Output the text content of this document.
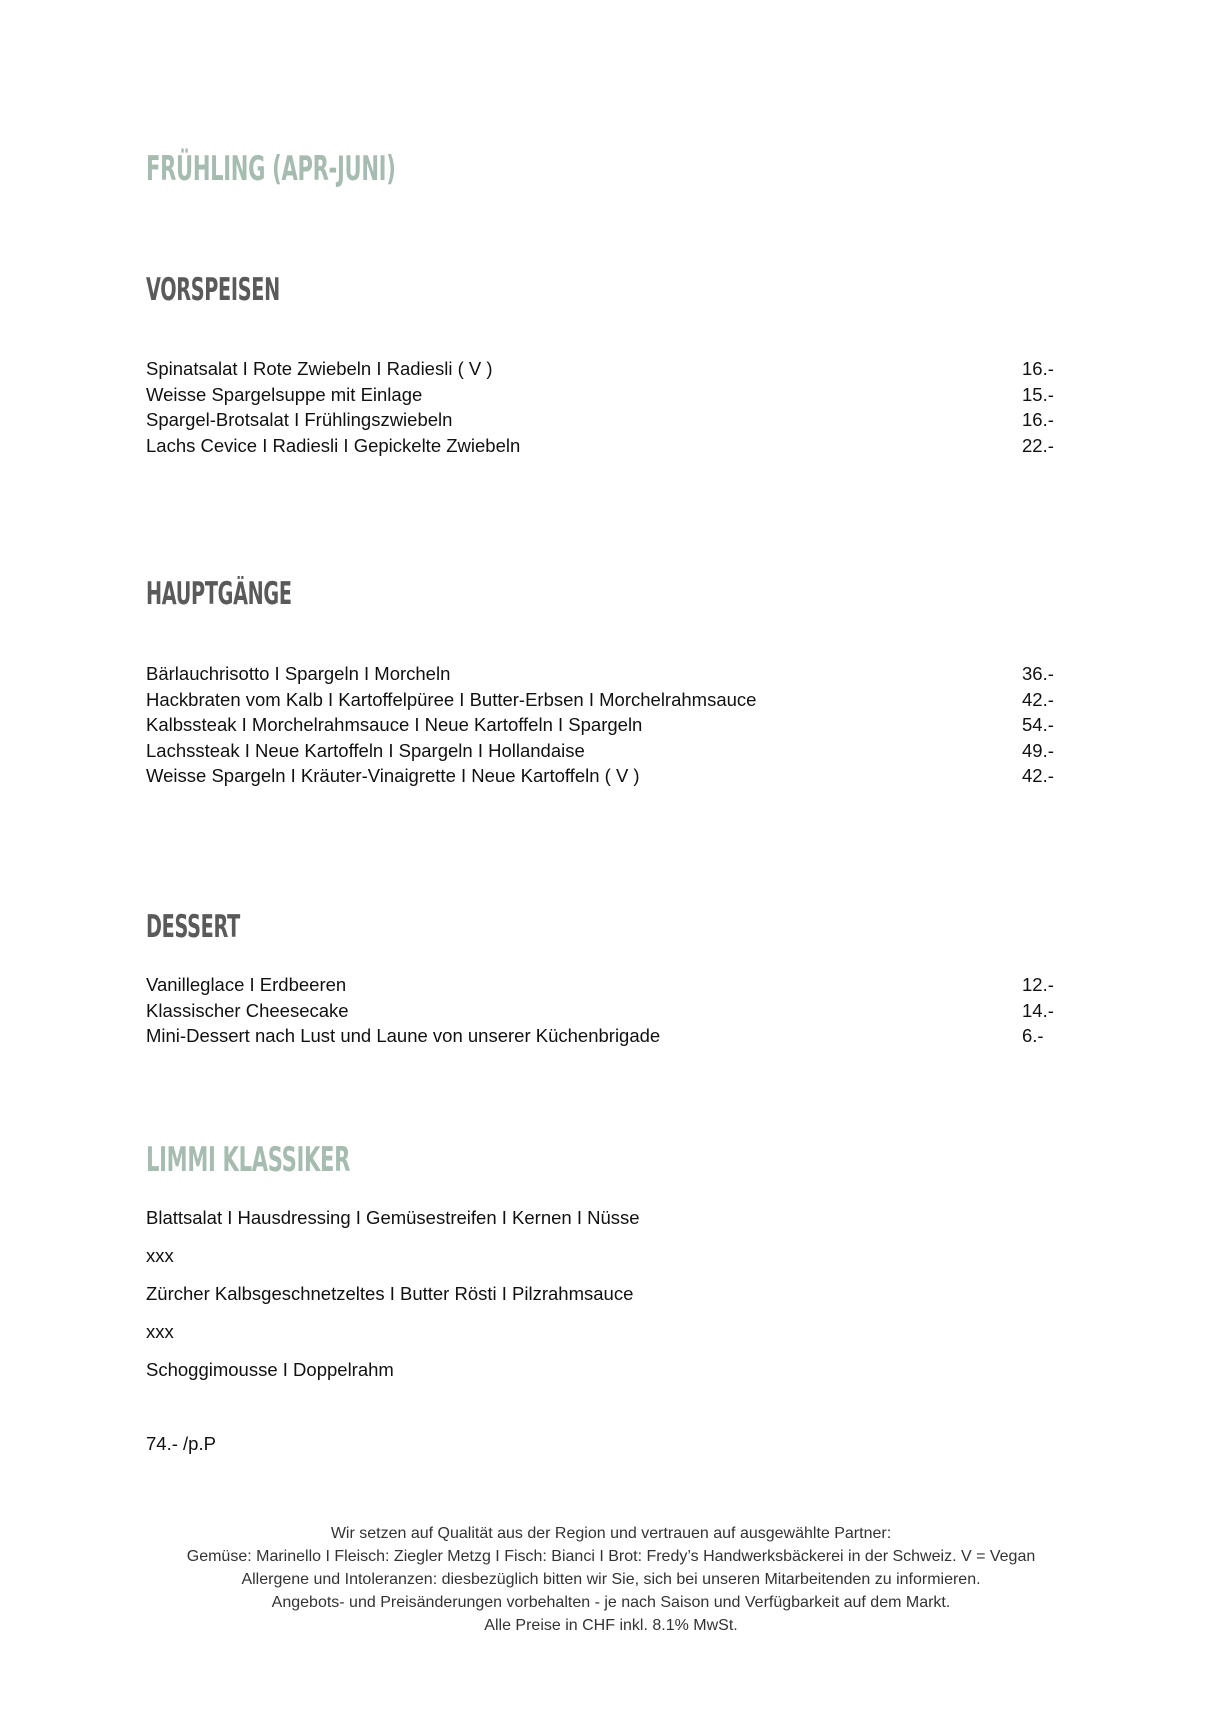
FRÜHLING (APR-JUNI)
VORSPEISEN
Spinatsalat I Rote Zwiebeln I Radiesli ( V )	16.-
Weisse Spargelsuppe mit Einlage	15.-
Spargel-Brotsalat I Frühlingszwiebeln	16.-
Lachs Cevice I Radiesli I Gepickelte Zwiebeln	22.-
HAUPTGÄNGE
Bärlauchrisotto I Spargeln I Morcheln	36.-
Hackbraten vom Kalb I Kartoffelpüree I Butter-Erbsen I Morchelrahmsauce	42.-
Kalbssteak I Morchelrahmsauce I Neue Kartoffeln I Spargeln	54.-
Lachssteak I Neue Kartoffeln I Spargeln I Hollandaise	49.-
Weisse Spargeln I Kräuter-Vinaigrette I Neue Kartoffeln ( V )	42.-
DESSERT
Vanilleglace I Erdbeeren	12.-
Klassischer Cheesecake	14.-
Mini-Dessert nach Lust und Laune von unserer Küchenbrigade	6.-
LIMMI KLASSIKER

Blattsalat I Hausdressing I Gemüsestreifen I Kernen I Nüsse

xxx

Zürcher Kalbsgeschnetzeltes I Butter Rösti I Pilzrahmsauce

xxx

Schoggimousse I Doppelrahm

74.- /p.P

Wir setzen auf Qualität aus der Region und vertrauen auf ausgewählte Partner:
Gemüse: Marinello I Fleisch: Ziegler Metzg I Fisch: Bianci I Brot: Fredy’s Handwerksbäckerei in der Schweiz. V = Vegan
Allergene und Intoleranzen: diesbezüglich bitten wir Sie, sich bei unseren Mitarbeitenden zu informieren.
Angebots- und Preisänderungen vorbehalten - je nach Saison und Verfügbarkeit auf dem Markt.
Alle Preise in CHF inkl. 8.1% MwSt.
